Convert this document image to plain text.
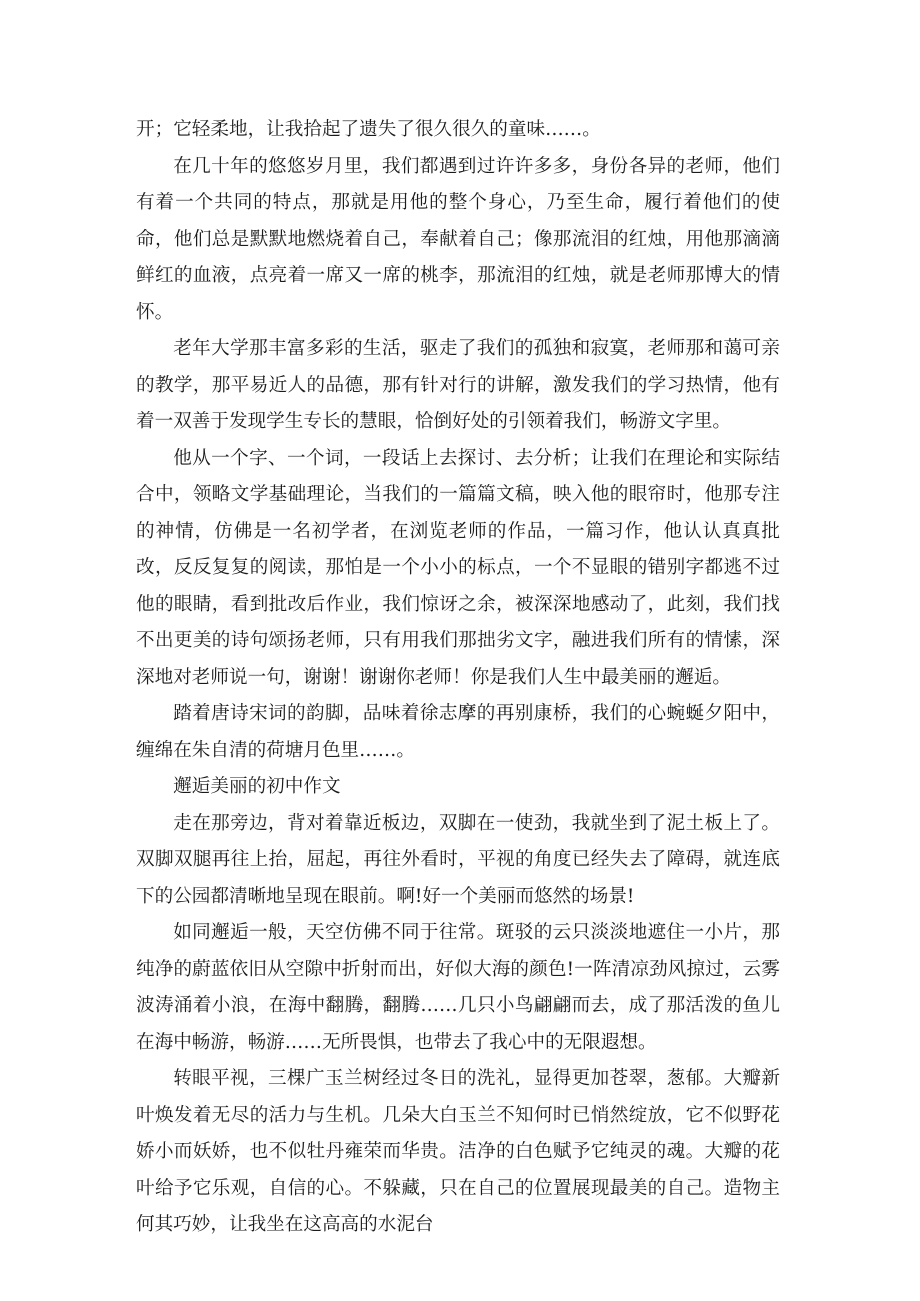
开；它轻柔地，让我拾起了遗失了很久很久的童味……。

在几十年的悠悠岁月里，我们都遇到过许许多多，身份各异的老师，他们有着一个共同的特点，那就是用他的整个身心，乃至生命，履行着他们的使命，他们总是默默地燃烧着自己，奉献着自己；像那流泪的红烛，用他那滴滴鲜红的血液，点亮着一席又一席的桃李，那流泪的红烛，就是老师那博大的情怀。

老年大学那丰富多彩的生活，驱走了我们的孤独和寂寞，老师那和蔼可亲的教学，那平易近人的品德，那有针对行的讲解，激发我们的学习热情，他有着一双善于发现学生专长的慧眼，恰倒好处的引领着我们，畅游文字里。

他从一个字、一个词，一段话上去探讨、去分析；让我们在理论和实际结合中，领略文学基础理论，当我们的一篇篇文稿，映入他的眼帘时，他那专注的神情，仿佛是一名初学者，在浏览老师的作品，一篇习作，他认认真真批改，反反复复的阅读，那怕是一个小小的标点，一个不显眼的错别字都逃不过他的眼睛，看到批改后作业，我们惊讶之余，被深深地感动了，此刻，我们找不出更美的诗句颂扬老师，只有用我们那拙劣文字，融进我们所有的情愫，深深地对老师说一句，谢谢！谢谢你老师！你是我们人生中最美丽的邂逅。

踏着唐诗宋词的韵脚，品味着徐志摩的再别康桥，我们的心蜿蜒夕阳中，缠绵在朱自清的荷塘月色里……。

邂逅美丽的初中作文

走在那旁边，背对着靠近板边，双脚在一使劲，我就坐到了泥土板上了。双脚双腿再往上抬，屈起，再往外看时，平视的角度已经失去了障碍，就连底下的公园都清晰地呈现在眼前。啊!好一个美丽而悠然的场景!

如同邂逅一般，天空仿佛不同于往常。斑驳的云只淡淡地遮住一小片，那纯净的蔚蓝依旧从空隙中折射而出，好似大海的颜色!一阵清凉劲风掠过，云雾波涛涌着小浪，在海中翻腾，翻腾……几只小鸟翩翩而去，成了那活泼的鱼儿在海中畅游，畅游……无所畏惧，也带去了我心中的无限遐想。

转眼平视，三棵广玉兰树经过冬日的洗礼，显得更加苍翠，葱郁。大瓣新叶焕发着无尽的活力与生机。几朵大白玉兰不知何时已悄然绽放，它不似野花娇小而妖娇，也不似牡丹雍荣而华贵。洁净的白色赋予它纯灵的魂。大瓣的花叶给予它乐观，自信的心。不躲藏，只在自己的位置展现最美的自己。造物主何其巧妙，让我坐在这高高的水泥台
